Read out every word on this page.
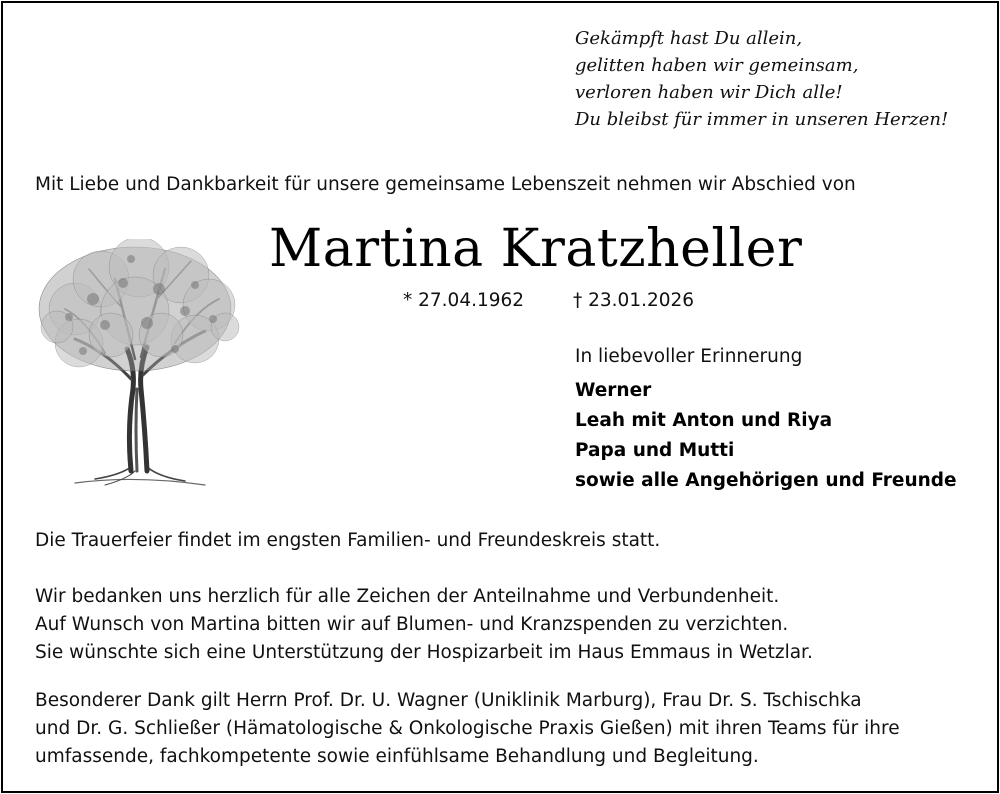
Gekämpft hast Du allein,
gelitten haben wir gemeinsam,
verloren haben wir Dich alle!
Du bleibst für immer in unseren Herzen!
Mit Liebe und Dankbarkeit für unsere gemeinsame Lebenszeit nehmen wir Abschied von
Martina Kratzheller
* 27.04.1962	† 23.01.2026
In liebevoller Erinnerung
Werner
Leah mit Anton und Riya
Papa und Mutti
sowie alle Angehörigen und Freunde
Die Trauerfeier findet im engsten Familien- und Freundeskreis statt.
Wir bedanken uns herzlich für alle Zeichen der Anteilnahme und Verbundenheit.
Auf Wunsch von Martina bitten wir auf Blumen- und Kranzspenden zu verzichten.
Sie wünschte sich eine Unterstützung der Hospizarbeit im Haus Emmaus in Wetzlar.
Besonderer Dank gilt Herrn Prof. Dr. U. Wagner (Uniklinik Marburg), Frau Dr. S. Tschischka
und Dr. G. Schließer (Hämatologische & Onkologische Praxis Gießen) mit ihren Teams für ihre
umfassende, fachkompetente sowie einfühlsame Behandlung und Begleitung.
